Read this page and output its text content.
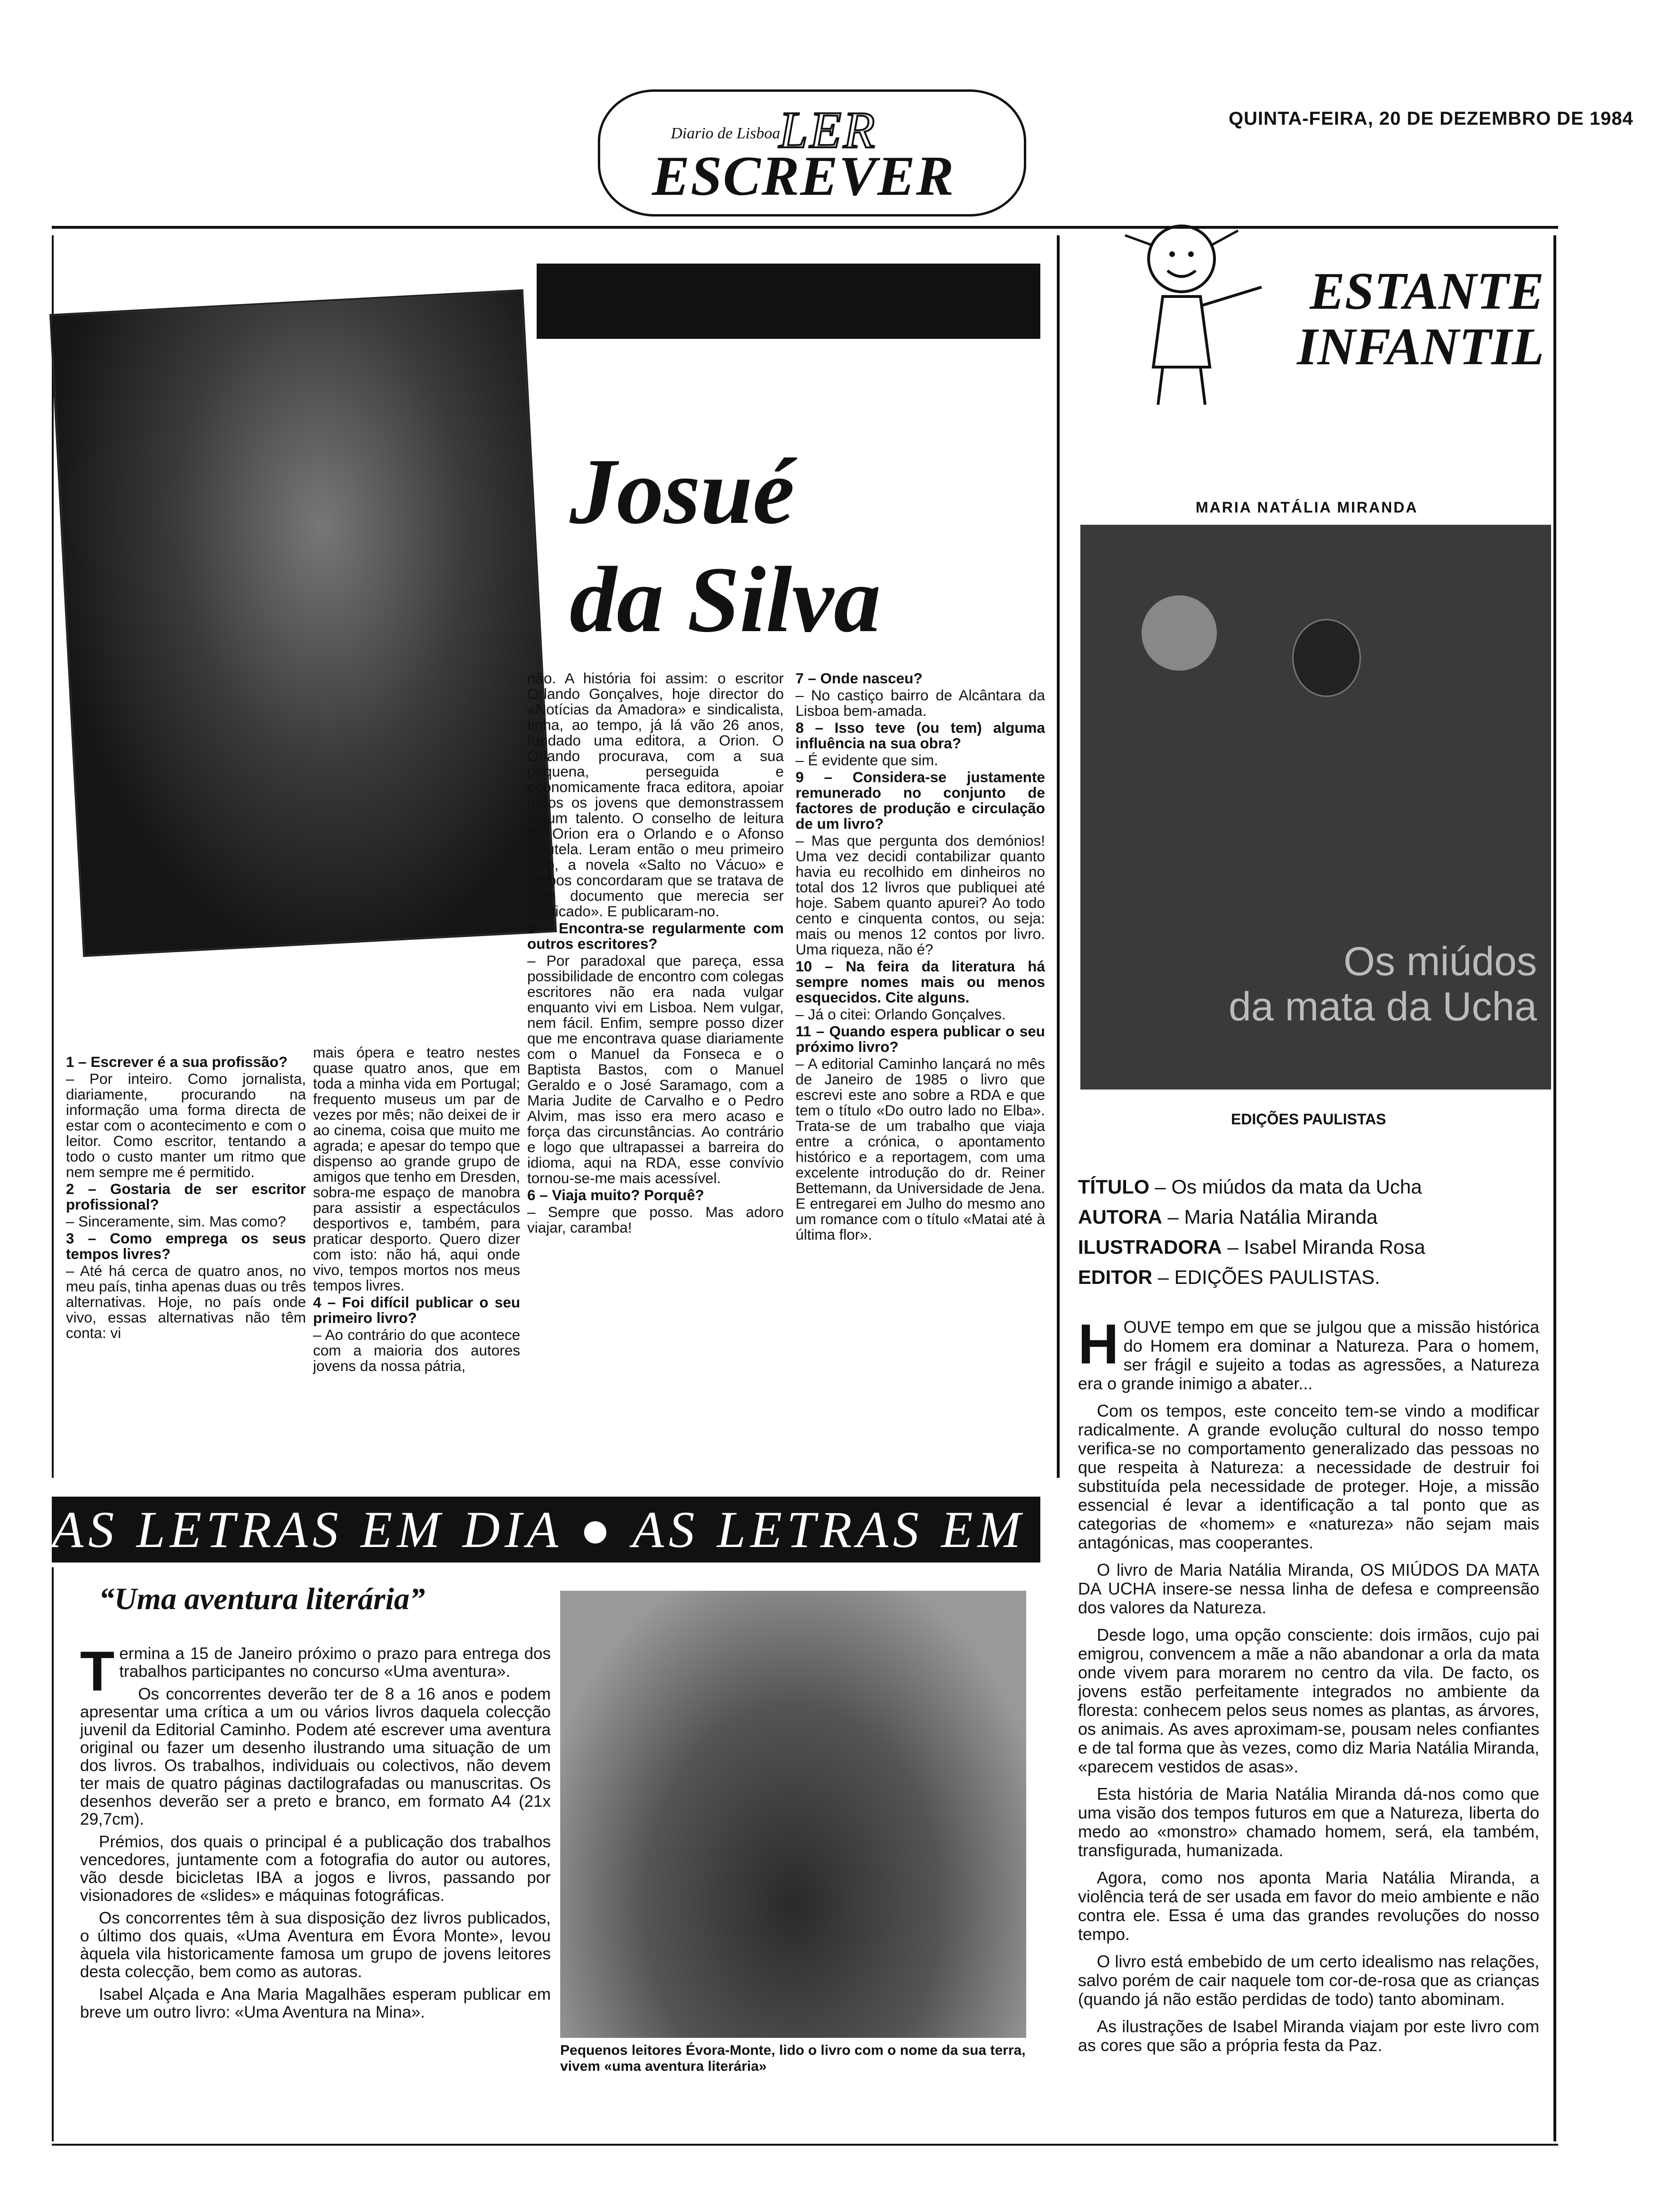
Diario de Lisboa
LER
ESCREVER
QUINTA-FEIRA, 20 DE DEZEMBRO DE 1984
Josué
da Silva

1 – Escrever é a sua profissão?

– Por inteiro. Como jornalista, diariamente, procurando na informação uma forma directa de estar com o acontecimento e com o leitor. Como escritor, tentando a todo o custo manter um ritmo que nem sempre me é permitido.

2 – Gostaria de ser escritor profissional?

– Sinceramente, sim. Mas como?

3 – Como emprega os seus tempos livres?

– Até há cerca de quatro anos, no meu país, tinha apenas duas ou três alternativas. Hoje, no país onde vivo, essas alternativas não têm conta: vi

mais ópera e teatro nestes quase quatro anos, que em toda a minha vida em Portugal; frequento museus um par de vezes por mês; não deixei de ir ao cinema, coisa que muito me agrada; e apesar do tempo que dispenso ao grande grupo de amigos que tenho em Dresden, sobra-me espaço de manobra para assistir a espectáculos desportivos e, também, para praticar desporto. Quero dizer com isto: não há, aqui onde vivo, tempos mortos nos meus tempos livres.

4 – Foi difícil publicar o seu primeiro livro?

– Ao contrário do que acontece com a maioria dos autores jovens da nossa pátria,

não. A história foi assim: o escritor Orlando Gonçalves, hoje director do «Notícias da Amadora» e sindicalista, tinha, ao tempo, já lá vão 26 anos, fundado uma editora, a Orion. O Orlando procurava, com a sua pequena, perseguida e economicamente fraca editora, apoiar todos os jovens que demonstrassem algum talento. O conselho de leitura da Orion era o Orlando e o Afonso Cautela. Leram então o meu primeiro livro, a novela «Salto no Vácuo» e ambos concordaram que se tratava de «um documento que merecia ser publicado». E publicaram-no.

5 – Encontra-se regularmente com outros escritores?

– Por paradoxal que pareça, essa possibilidade de encontro com colegas escritores não era nada vulgar enquanto vivi em Lisboa. Nem vulgar, nem fácil. Enfim, sempre posso dizer que me encontrava quase diariamente com o Manuel da Fonseca e o Baptista Bastos, com o Manuel Geraldo e o José Saramago, com a Maria Judite de Carvalho e o Pedro Alvim, mas isso era mero acaso e força das circunstâncias. Ao contrário e logo que ultrapassei a barreira do idioma, aqui na RDA, esse convívio tornou-se-me mais acessível.

6 – Viaja muito? Porquê?

– Sempre que posso. Mas adoro viajar, caramba!

7 – Onde nasceu?

– No castiço bairro de Alcântara da Lisboa bem-amada.

8 – Isso teve (ou tem) alguma influência na sua obra?

– É evidente que sim.

9 – Considera-se justamente remunerado no conjunto de factores de produção e circulação de um livro?

– Mas que pergunta dos demónios! Uma vez decidi contabilizar quanto havia eu recolhido em dinheiros no total dos 12 livros que publiquei até hoje. Sabem quanto apurei? Ao todo cento e cinquenta contos, ou seja: mais ou menos 12 contos por livro. Uma riqueza, não é?

10 – Na feira da literatura há sempre nomes mais ou menos esquecidos. Cite alguns.

– Já o citei: Orlando Gonçalves.

11 – Quando espera publicar o seu próximo livro?

– A editorial Caminho lançará no mês de Janeiro de 1985 o livro que escrevi este ano sobre a RDA e que tem o título «Do outro lado no Elba». Trata-se de um trabalho que viaja entre a crónica, o apontamento histórico e a reportagem, com uma excelente introdução do dr. Reiner Bettemann, da Universidade de Jena. E entregarei em Julho do mesmo ano um romance com o título «Matai até à última flor».

AS LETRAS EM DIA ● AS LETRAS EM DIA
“Uma aventura literária”

Termina a 15 de Janeiro próximo o prazo para entrega dos trabalhos participantes no concurso «Uma aventura».

Os concorrentes deverão ter de 8 a 16 anos e podem apresentar uma crítica a um ou vários livros daquela colecção juvenil da Editorial Caminho. Podem até escrever uma aventura original ou fazer um desenho ilustrando uma situação de um dos livros. Os trabalhos, individuais ou colectivos, não devem ter mais de quatro páginas dactilografadas ou manuscritas. Os desenhos deverão ser a preto e branco, em formato A4 (21x 29,7cm).

Prémios, dos quais o principal é a publicação dos trabalhos vencedores, juntamente com a fotografia do autor ou autores, vão desde bicicletas IBA a jogos e livros, passando por visionadores de «slides» e máquinas fotográficas.

Os concorrentes têm à sua disposição dez livros publicados, o último dos quais, «Uma Aventura em Évora Monte», levou àquela vila historicamente famosa um grupo de jovens leitores desta colecção, bem como as autoras.

Isabel Alçada e Ana Maria Magalhães esperam publicar em breve um outro livro: «Uma Aventura na Mina».

Pequenos leitores Évora-Monte, lido o livro com o nome da sua terra, vivem «uma aventura literária»
ESTANTE
INFANTIL
MARIA NATÁLIA MIRANDA
Os miúdos
da mata da Ucha
EDIÇÕES PAULISTAS
TÍTULO – Os miúdos da mata da Ucha
AUTORA – Maria Natália Miranda
ILUSTRADORA – Isabel Miranda Rosa
EDITOR – EDIÇÕES PAULISTAS.

HOUVE tempo em que se julgou que a missão histórica do Homem era dominar a Natureza. Para o homem, ser frágil e sujeito a todas as agressões, a Natureza era o grande inimigo a abater...

Com os tempos, este conceito tem-se vindo a modificar radicalmente. A grande evolução cultural do nosso tempo verifica-se no comportamento generalizado das pessoas no que respeita à Natureza: a necessidade de destruir foi substituída pela necessidade de proteger. Hoje, a missão essencial é levar a identificação a tal ponto que as categorias de «homem» e «natureza» não sejam mais antagónicas, mas cooperantes.

O livro de Maria Natália Miranda, OS MIÚDOS DA MATA DA UCHA insere-se nessa linha de defesa e compreensão dos valores da Natureza.

Desde logo, uma opção consciente: dois irmãos, cujo pai emigrou, convencem a mãe a não abandonar a orla da mata onde vivem para morarem no centro da vila. De facto, os jovens estão perfeitamente integrados no ambiente da floresta: conhecem pelos seus nomes as plantas, as árvores, os animais. As aves aproximam-se, pousam neles confiantes e de tal forma que às vezes, como diz Maria Natália Miranda, «parecem vestidos de asas».

Esta história de Maria Natália Miranda dá-nos como que uma visão dos tempos futuros em que a Natureza, liberta do medo ao «monstro» chamado homem, será, ela também, transfigurada, humanizada.

Agora, como nos aponta Maria Natália Miranda, a violência terá de ser usada em favor do meio ambiente e não contra ele. Essa é uma das grandes revoluções do nosso tempo.

O livro está embebido de um certo idealismo nas relações, salvo porém de cair naquele tom cor-de-rosa que as crianças (quando já não estão perdidas de todo) tanto abominam.

As ilustrações de Isabel Miranda viajam por este livro com as cores que são a própria festa da Paz.
